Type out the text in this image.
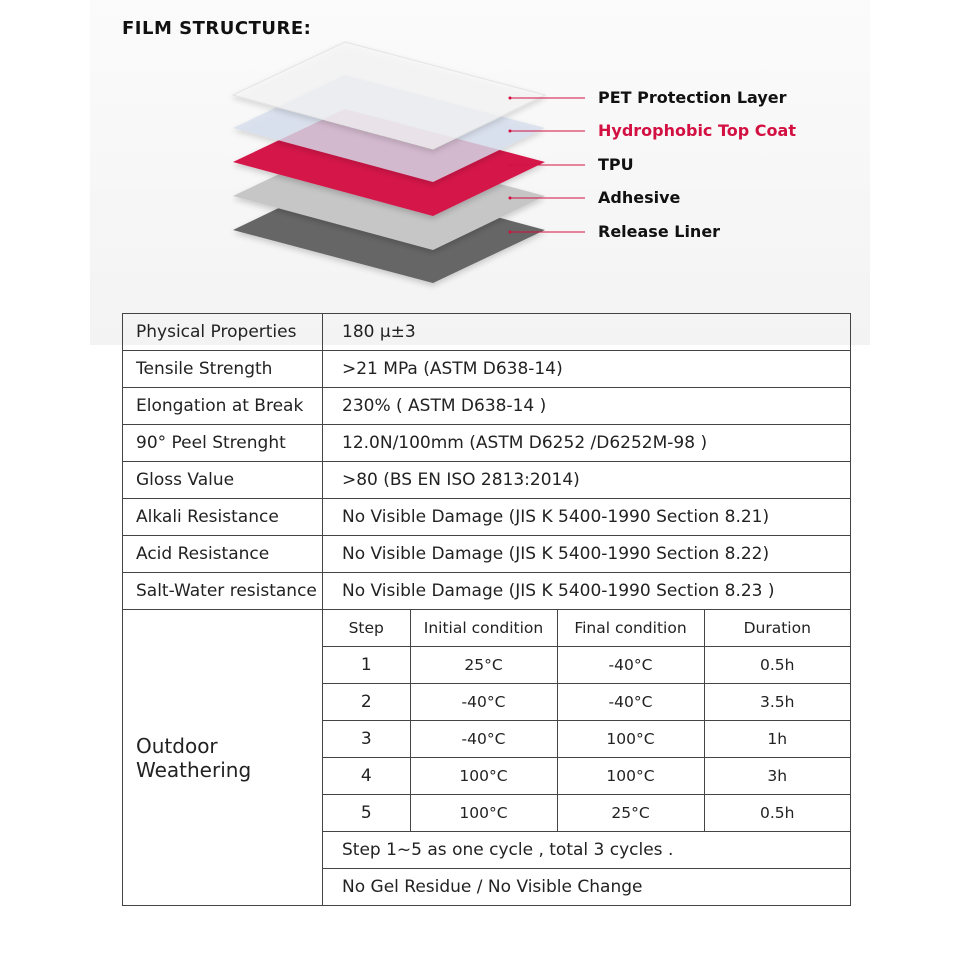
FILM STRUCTURE:
PET Protection Layer
Hydrophobic Top Coat
TPU
Adhesive
Release Liner
Physical Properties	180 μ±3
Tensile Strength	>21 MPa (ASTM D638-14)
Elongation at Break	230% ( ASTM D638-14 )
90° Peel Strenght	12.0N/100mm (ASTM D6252 /D6252M-98 )
Gloss Value	>80 (BS EN ISO 2813:2014)
Alkali Resistance	No Visible Damage (JIS K 5400-1990 Section 8.21)
Acid Resistance	No Visible Damage (JIS K 5400-1990 Section 8.22)
Salt-Water resistance	No Visible Damage (JIS K 5400-1990 Section 8.23 )
Outdoor Weathering	
Step	Initial condition	Final condition	Duration
1	25°C	-40°C	0.5h
2	-40°C	-40°C	3.5h
3	-40°C	100°C	1h
4	100°C	100°C	3h
5	100°C	25°C	0.5h
Step 1~5 as one cycle , total 3 cycles .
No Gel Residue / No Visible Change
